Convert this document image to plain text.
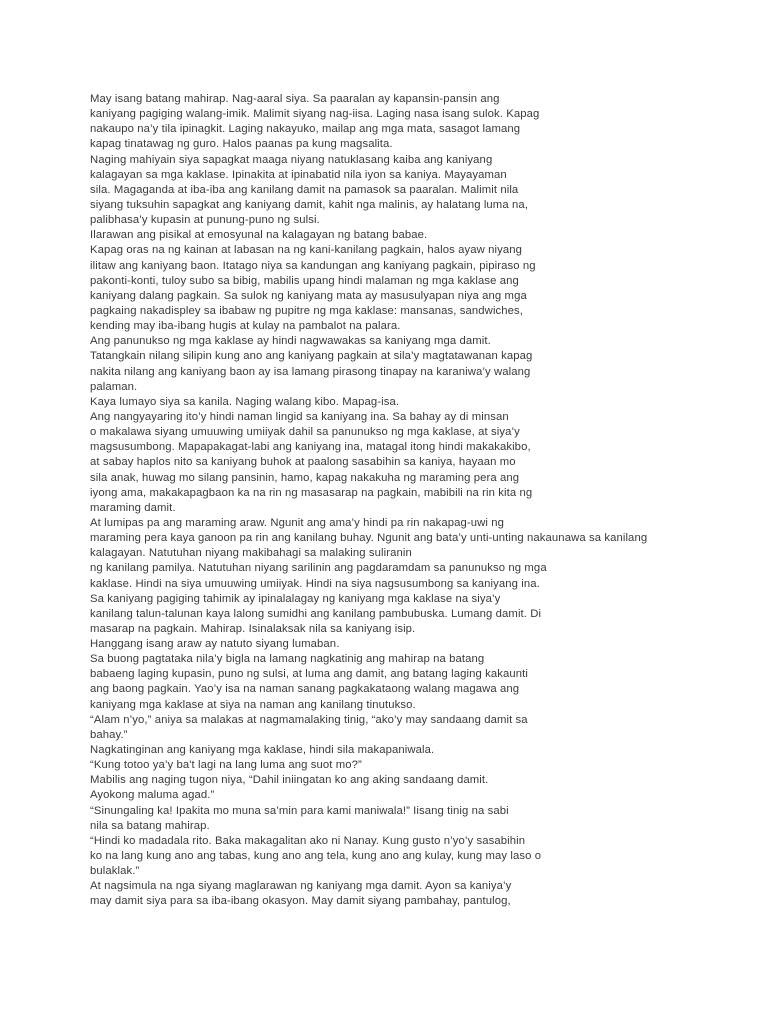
May isang batang mahirap. Nag-aaral siya. Sa paaralan ay kapansin-pansin ang
kaniyang pagiging walang-imik. Malimit siyang nag-iisa. Laging nasa isang sulok. Kapag
nakaupo na’y tila ipinagkit. Laging nakayuko, mailap ang mga mata, sasagot lamang
kapag tinatawag ng guro. Halos paanas pa kung magsalita.
Naging mahiyain siya sapagkat maaga niyang natuklasang kaiba ang kaniyang
kalagayan sa mga kaklase. Ipinakita at ipinabatid nila iyon sa kaniya. Mayayaman
sila. Magaganda at iba-iba ang kanilang damit na pamasok sa paaralan. Malimit nila
siyang tuksuhin sapagkat ang kaniyang damit, kahit nga malinis, ay halatang luma na,
palibhasa’y kupasin at punung-puno ng sulsi.
Ilarawan ang pisikal at emosyunal na kalagayan ng batang babae.
Kapag oras na ng kainan at labasan na ng kani-kanilang pagkain, halos ayaw niyang
ilitaw ang kaniyang baon. Itatago niya sa kandungan ang kaniyang pagkain, pipiraso ng
pakonti-konti, tuloy subo sa bibig, mabilis upang hindi malaman ng mga kaklase ang
kaniyang dalang pagkain. Sa sulok ng kaniyang mata ay masusulyapan niya ang mga
pagkaing nakadispley sa ibabaw ng pupitre ng mga kaklase: mansanas, sandwiches,
kending may iba-ibang hugis at kulay na pambalot na palara.
Ang panunukso ng mga kaklase ay hindi nagwawakas sa kaniyang mga damit.
Tatangkain nilang silipin kung ano ang kaniyang pagkain at sila’y magtatawanan kapag
nakita nilang ang kaniyang baon ay isa lamang pirasong tinapay na karaniwa’y walang
palaman.
Kaya lumayo siya sa kanila. Naging walang kibo. Mapag-isa.
Ang nangyayaring ito’y hindi naman lingid sa kaniyang ina. Sa bahay ay di minsan
o makalawa siyang umuuwing umiiyak dahil sa panunukso ng mga kaklase, at siya’y
magsusumbong. Mapapakagat-labi ang kaniyang ina, matagal itong hindi makakakibo,
at sabay haplos nito sa kaniyang buhok at paalong sasabihin sa kaniya, hayaan mo
sila anak, huwag mo silang pansinin, hamo, kapag nakakuha ng maraming pera ang
iyong ama, makakapagbaon ka na rin ng masasarap na pagkain, mabibili na rin kita ng
maraming damit.
At lumipas pa ang maraming araw. Ngunit ang ama’y hindi pa rin nakapag-uwi ng
maraming pera kaya ganoon pa rin ang kanilang buhay. Ngunit ang bata’y unti-unting nakaunawa sa kanilang
kalagayan. Natutuhan niyang makibahagi sa malaking suliranin
ng kanilang pamilya. Natutuhan niyang sarilinin ang pagdaramdam sa panunukso ng mga
kaklase. Hindi na siya umuuwing umiiyak. Hindi na siya nagsusumbong sa kaniyang ina.
Sa kaniyang pagiging tahimik ay ipinalalagay ng kaniyang mga kaklase na siya’y
kanilang talun-talunan kaya lalong sumidhi ang kanilang pambubuska. Lumang damit. Di
masarap na pagkain. Mahirap. Isinalaksak nila sa kaniyang isip.
Hanggang isang araw ay natuto siyang lumaban.
Sa buong pagtataka nila’y bigla na lamang nagkatinig ang mahirap na batang
babaeng laging kupasin, puno ng sulsi, at luma ang damit, ang batang laging kakaunti
ang baong pagkain. Yao’y isa na naman sanang pagkakataong walang magawa ang
kaniyang mga kaklase at siya na naman ang kanilang tinutukso.
“Alam n’yo,” aniya sa malakas at nagmamalaking tinig, “ako’y may sandaang damit sa
bahay.”
Nagkatinginan ang kaniyang mga kaklase, hindi sila makapaniwala.
“Kung totoo ya’y ba't lagi na lang luma ang suot mo?”
Mabilis ang naging tugon niya, “Dahil iniingatan ko ang aking sandaang damit.
Ayokong maluma agad.”
“Sinungaling ka! Ipakita mo muna sa’min para kami maniwala!” Iisang tinig na sabi
nila sa batang mahirap.
“Hindi ko madadala rito. Baka makagalitan ako ni Nanay. Kung gusto n’yo’y sasabihin
ko na lang kung ano ang tabas, kung ano ang tela, kung ano ang kulay, kung may laso o
bulaklak.”
At nagsimula na nga siyang maglarawan ng kaniyang mga damit. Ayon sa kaniya’y
may damit siya para sa iba-ibang okasyon. May damit siyang pambahay, pantulog,
